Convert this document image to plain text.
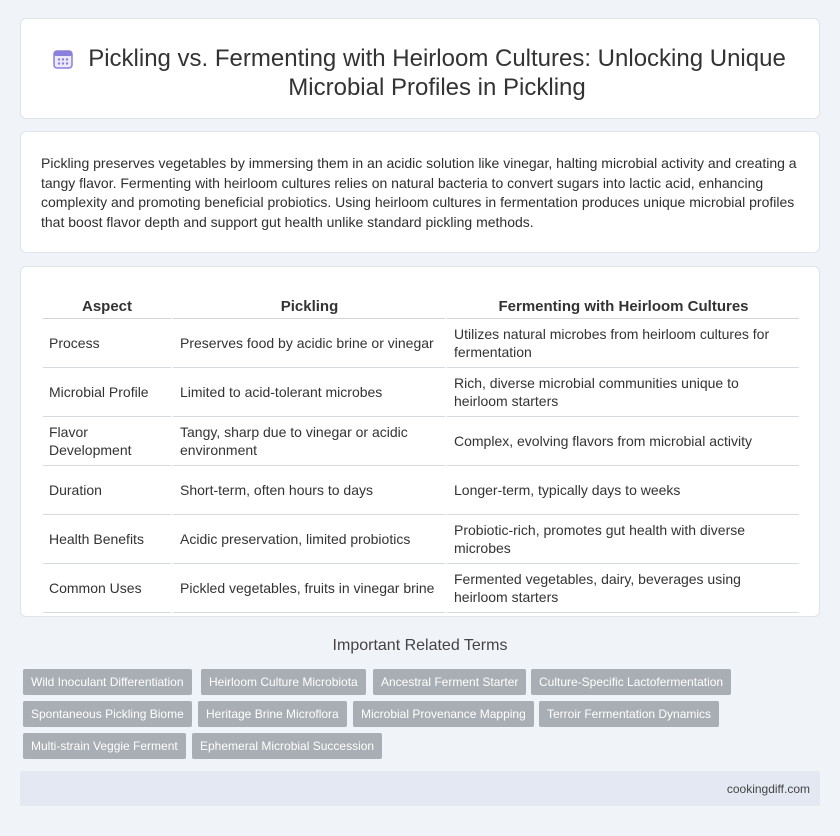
Pickling vs. Fermenting with Heirloom Cultures: Unlocking Unique Microbial Profiles in Pickling

Pickling preserves vegetables by immersing them in an acidic solution like vinegar, halting microbial activity and creating a tangy flavor. Fermenting with heirloom cultures relies on natural bacteria to convert sugars into lactic acid, enhancing complexity and promoting beneficial probiotics. Using heirloom cultures in fermentation produces unique microbial profiles that boost flavor depth and support gut health unlike standard pickling methods.

Aspect	Pickling	Fermenting with Heirloom Cultures
Process	Preserves food by acidic brine or vinegar	Utilizes natural microbes from heirloom cultures for fermentation
Microbial Profile	Limited to acid-tolerant microbes	Rich, diverse microbial communities unique to heirloom starters
Flavor Development	Tangy, sharp due to vinegar or acidic environment	Complex, evolving flavors from microbial activity
Duration	Short-term, often hours to days	Longer-term, typically days to weeks
Health Benefits	Acidic preservation, limited probiotics	Probiotic-rich, promotes gut health with diverse microbes
Common Uses	Pickled vegetables, fruits in vinegar brine	Fermented vegetables, dairy, beverages using heirloom starters
Important Related Terms
Wild Inoculant Differentiation	Heirloom Culture Microbiota	Ancestral Ferment Starter	Culture-Specific Lactofermentation
Spontaneous Pickling Biome	Heritage Brine Microflora	Microbial Provenance Mapping	Terroir Fermentation Dynamics
Multi-strain Veggie Ferment	Ephemeral Microbial Succession
cookingdiff.com
